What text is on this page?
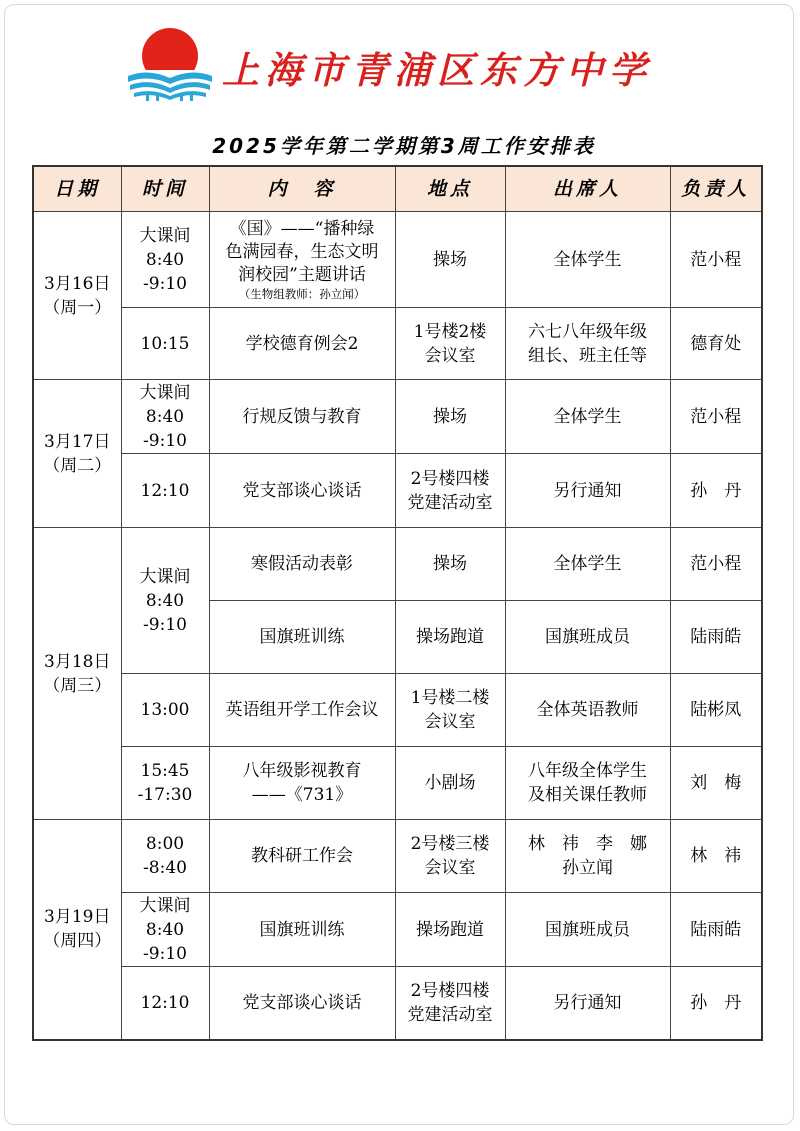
上海市青浦区东方中学
2025学年第二学期第3周工作安排表
日期	时间	内　容	地点	出席人	负责人

3月16日
（周一）	大课间
8:40
-9:10	《国》——“播种绿
色满园春，生态文明
润校园”主题讲话
（生物组教师：孙立闻）	操场	全体学生	范小程

	10:15	学校德育例会2	1号楼2楼
会议室	六七八年级年级
组长、班主任等	德育处

3月17日
（周二）	大课间
8:40
-9:10	行规反馈与教育	操场	全体学生	范小程

	12:10	党支部谈心谈话	2号楼四楼
党建活动室	另行通知	孙　丹

3月18日
（周三）	大课间
8:40
-9:10	寒假活动表彰	操场	全体学生	范小程

		国旗班训练	操场跑道	国旗班成员	陆雨皓

	13:00	英语组开学工作会议	1号楼二楼
会议室	全体英语教师	陆彬凤

	15:45
-17:30	八年级影视教育
——《731》	小剧场	八年级全体学生
及相关课任教师	刘　梅

3月19日
（周四）	8:00
-8:40	教科研工作会	2号楼三楼
会议室	林　祎　李　娜
孙立闻	林　祎

	大课间
8:40
-9:10	国旗班训练	操场跑道	国旗班成员	陆雨皓

	12:10	党支部谈心谈话	2号楼四楼
党建活动室	另行通知	孙　丹
